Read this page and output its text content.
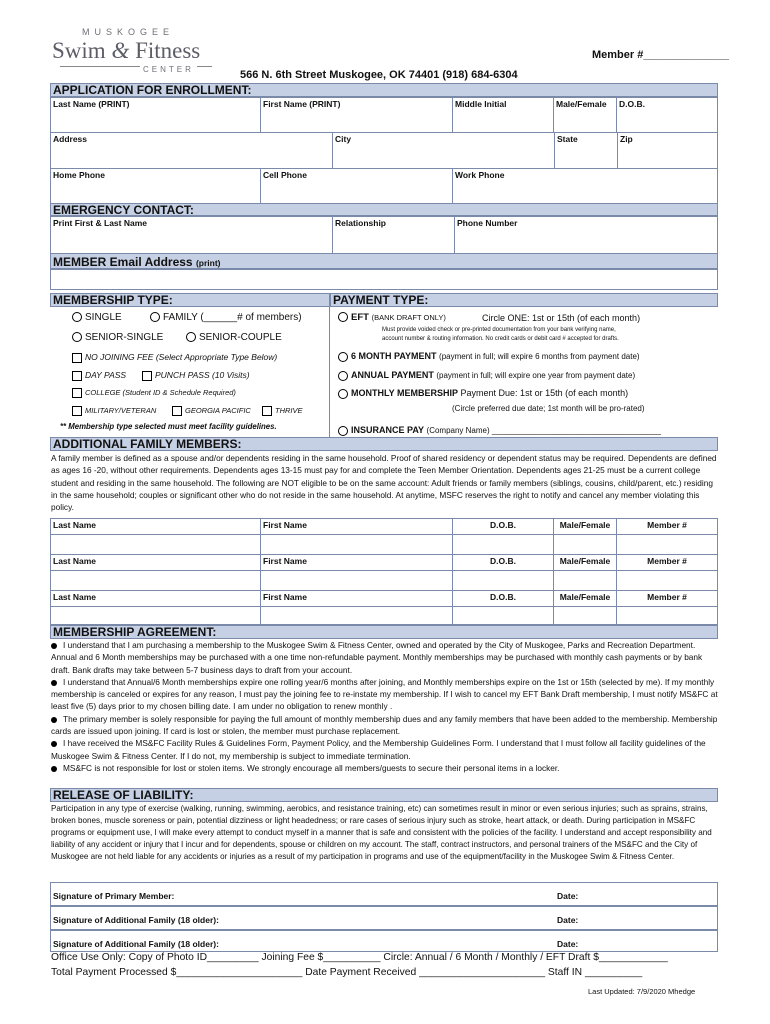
MUSKOGEE
Swim & Fitness
CENTER
Member #______________
566 N. 6th Street Muskogee, OK 74401 (918) 684-6304
APPLICATION FOR ENROLLMENT:
Last Name (PRINT)	First Name (PRINT)	Middle Initial	Male/Female	D.O.B.
Address	City	State	Zip
Home Phone	Cell Phone	Work Phone
EMERGENCY CONTACT:
Print First & Last Name	Relationship	Phone Number
MEMBER Email Address (print)
MEMBERSHIP TYPE:	PAYMENT TYPE:
SINGLE	FAMILY (______# of members)
SENIOR-SINGLE	SENIOR-COUPLE
NO JOINING FEE (Select Appropriate Type Below)
DAY PASS	PUNCH PASS (10 Visits)
COLLEGE (Student ID & Schedule Required)
MILITARY/VETERAN	GEORGIA PACIFIC	THRIVE
** Membership type selected must meet facility guidelines.
EFT (BANK DRAFT ONLY)	Circle ONE: 1st or 15th (of each month)
Must provide voided check or pre-printed documentation from your bank verifying name,
account number & routing information. No credit cards or debit card # accepted for drafts.
6 MONTH PAYMENT (payment in full; will expire 6 months from payment date)
ANNUAL PAYMENT (payment in full; will expire one year from payment date)
MONTHLY MEMBERSHIP Payment Due: 1st or 15th (of each month)
(Circle preferred due date; 1st month will be pro-rated)
INSURANCE PAY (Company Name) ______________________________________
ADDITIONAL FAMILY MEMBERS:
A family member is defined as a spouse and/or dependents residing in the same household. Proof of shared residency or dependent status may be required. Dependents are defined as ages 16 -20, without other requirements. Dependents ages 13-15 must pay for and complete the Teen Member Orientation. Dependents ages 21-25 must be a current college student and residing in the same household. The following are NOT eligible to be on the same account: Adult friends or family members (siblings, cousins, child/parent, etc.) residing in the same household; couples or significant other who do not reside in the same household. At anytime, MSFC reserves the right to notify and cancel any member violating this policy.
Last Name	First Name	D.O.B.	Male/Female	Member #

Last Name	First Name	D.O.B.	Male/Female	Member #

Last Name	First Name	D.O.B.	Male/Female	Member #

MEMBERSHIP AGREEMENT:
I understand that I am purchasing a membership to the Muskogee Swim & Fitness Center, owned and operated by the City of Muskogee, Parks and Recreation Department. Annual and 6 Month memberships may be purchased with a one time non-refundable payment. Monthly memberships may be purchased with monthly cash payments or by bank draft. Bank drafts may take between 5-7 business days to draft from your account.
I understand that Annual/6 Month memberships expire one rolling year/6 months after joining, and Monthly memberships expire on the 1st or 15th (selected by me). If my monthly membership is canceled or expires for any reason, I must pay the joining fee to re-instate my membership. If I wish to cancel my EFT Bank Draft membership, I must notify MS&FC at least five (5) days prior to my chosen billing date. I am under no obligation to renew monthly .
The primary member is solely responsible for paying the full amount of monthly membership dues and any family members that have been added to the membership. Membership cards are issued upon joining. If card is lost or stolen, the member must purchase replacement.
I have received the MS&FC Facility Rules & Guidelines Form, Payment Policy, and the Membership Guidelines Form. I understand that I must follow all facility guidelines of the Muskogee Swim & Fitness Center. If I do not, my membership is subject to immediate termination.
MS&FC is not responsible for lost or stolen items. We strongly encourage all members/guests to secure their personal items in a locker.
RELEASE OF LIABILITY:
Participation in any type of exercise (walking, running, swimming, aerobics, and resistance training, etc) can sometimes result in minor or even serious injuries; such as sprains, strains, broken bones, muscle soreness or pain, potential dizziness or light headedness; or rare cases of serious injury such as stroke, heart attack, or death. During participation in MS&FC programs or equipment use, I will make every attempt to conduct myself in a manner that is safe and consistent with the policies of the facility. I understand and accept responsibility and liability of any accident or injury that I incur and for dependents, spouse or children on my account. The staff, contract instructors, and personal trainers of the MS&FC and the City of Muskogee are not held liable for any accidents or injuries as a result of my participation in programs and use of the equipment/facility in the Muskogee Swim & Fitness Center.
Signature of Primary Member:	Date:
Signature of Additional Family (18 older):	Date:
Signature of Additional Family (18 older):	Date:
Office Use Only: Copy of Photo ID_________ Joining Fee $__________ Circle: Annual / 6 Month / Monthly / EFT Draft $____________
Total Payment Processed $______________________ Date Payment Received ______________________ Staff IN __________
Last Updated: 7/9/2020 Mhedge
